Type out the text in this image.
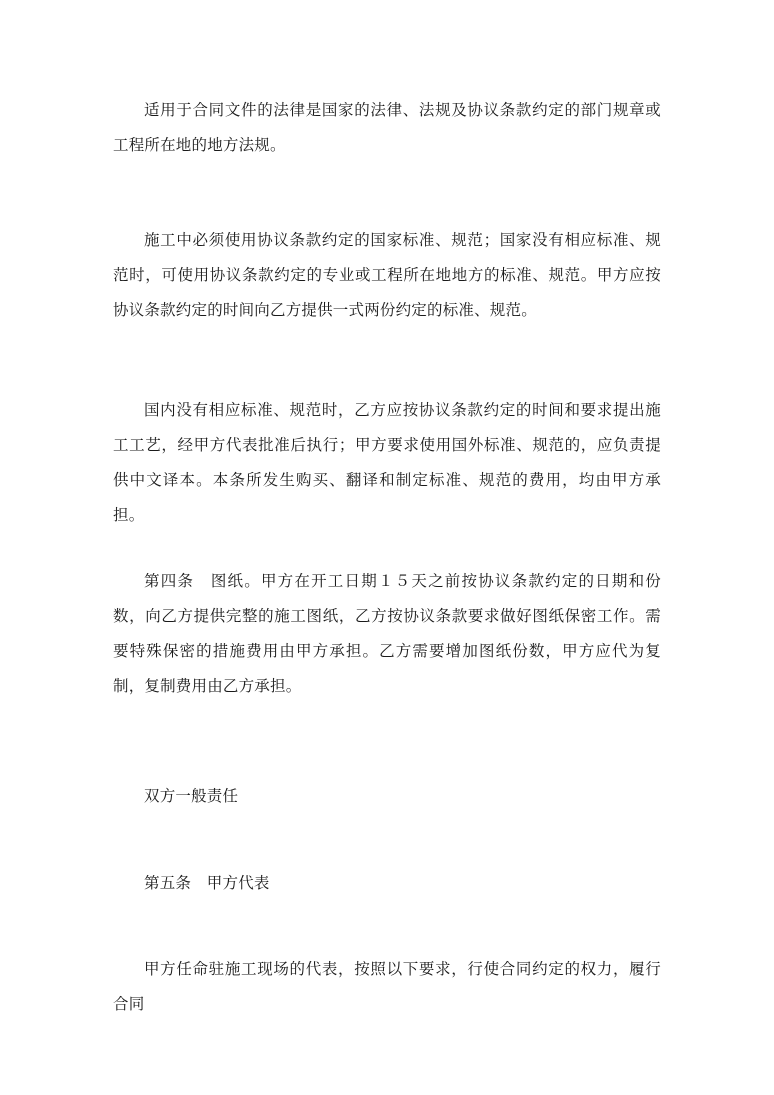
适用于合同文件的法律是国家的法律、法规及协议条款约定的部门规章或工程所在地的地方法规。

施工中必须使用协议条款约定的国家标准、规范；国家没有相应标准、规范时，可使用协议条款约定的专业或工程所在地地方的标准、规范。甲方应按协议条款约定的时间向乙方提供一式两份约定的标准、规范。

国内没有相应标准、规范时，乙方应按协议条款约定的时间和要求提出施工工艺，经甲方代表批准后执行；甲方要求使用国外标准、规范的，应负责提供中文译本。本条所发生购买、翻译和制定标准、规范的费用，均由甲方承担。

第四条　图纸。甲方在开工日期１５天之前按协议条款约定的日期和份数，向乙方提供完整的施工图纸，乙方按协议条款要求做好图纸保密工作。需要特殊保密的措施费用由甲方承担。乙方需要增加图纸份数，甲方应代为复制，复制费用由乙方承担。

双方一般责任

第五条　甲方代表

甲方任命驻施工现场的代表，按照以下要求，行使合同约定的权力，履行合同
